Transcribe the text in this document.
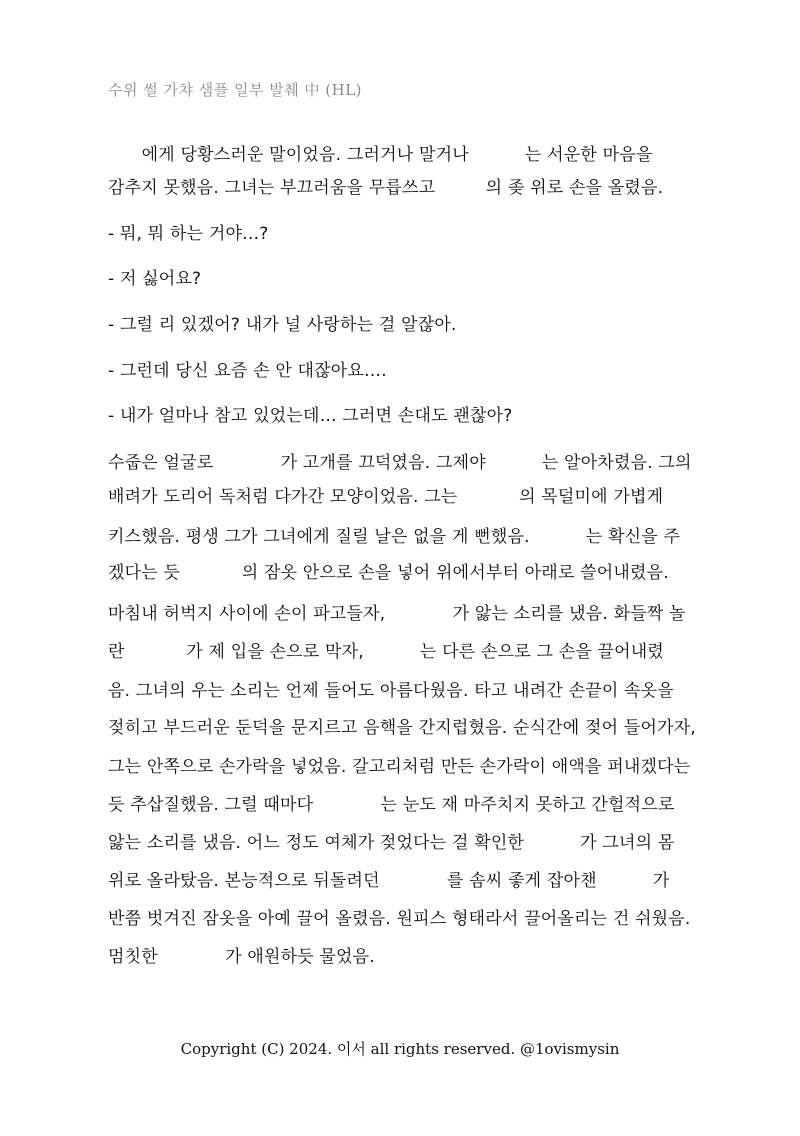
수위 썰 가챠 샘플 일부 발췌 中 (HL)
에게 당황스러운 말이었음. 그러거나 말거나          는 서운한 마음을
감추지 못했음. 그녀는 부끄러움을 무릅쓰고         의 좆 위로 손을 올렸음.
- 뭐, 뭐 하는 거야…?
- 저 싫어요?
- 그럴 리 있겠어? 내가 널 사랑하는 걸 알잖아.
- 그런데 당신 요즘 손 안 대잖아요….
- 내가 얼마나 참고 있었는데… 그러면 손대도 괜찮아?
수줍은 얼굴로            가 고개를 끄덕였음. 그제야          는 알아차렸음. 그의
배려가 도리어 독처럼 다가간 모양이었음. 그는           의 목덜미에 가볍게
키스했음. 평생 그가 그녀에게 질릴 날은 없을 게 뻔했음.          는 확신을 주
겠다는 듯           의 잠옷 안으로 손을 넣어 위에서부터 아래로 쓸어내렸음.
마침내 허벅지 사이에 손이 파고들자,            가 앓는 소리를 냈음. 화들짝 놀
란           가 제 입을 손으로 막자,          는 다른 손으로 그 손을 끌어내렸
음. 그녀의 우는 소리는 언제 들어도 아름다웠음. 타고 내려간 손끝이 속옷을
젖히고 부드러운 둔덕을 문지르고 음핵을 간지럽혔음. 순식간에 젖어 들어가자,
그는 안쪽으로 손가락을 넣었음. 갈고리처럼 만든 손가락이 애액을 퍼내겠다는
듯 추삽질했음. 그럴 때마다            는 눈도 재 마주치지 못하고 간헐적으로
앓는 소리를 냈음. 어느 정도 여체가 젖었다는 걸 확인한          가 그녀의 몸
위로 올라탔음. 본능적으로 뒤돌려던            를 솜씨 좋게 잡아챈          가
반쯤 벗겨진 잠옷을 아예 끌어 올렸음. 원피스 형태라서 끌어올리는 건 쉬웠음.
멈칫한            가 애원하듯 물었음.
Copyright (C) 2024. 이서 all rights reserved. @1ovismysin
